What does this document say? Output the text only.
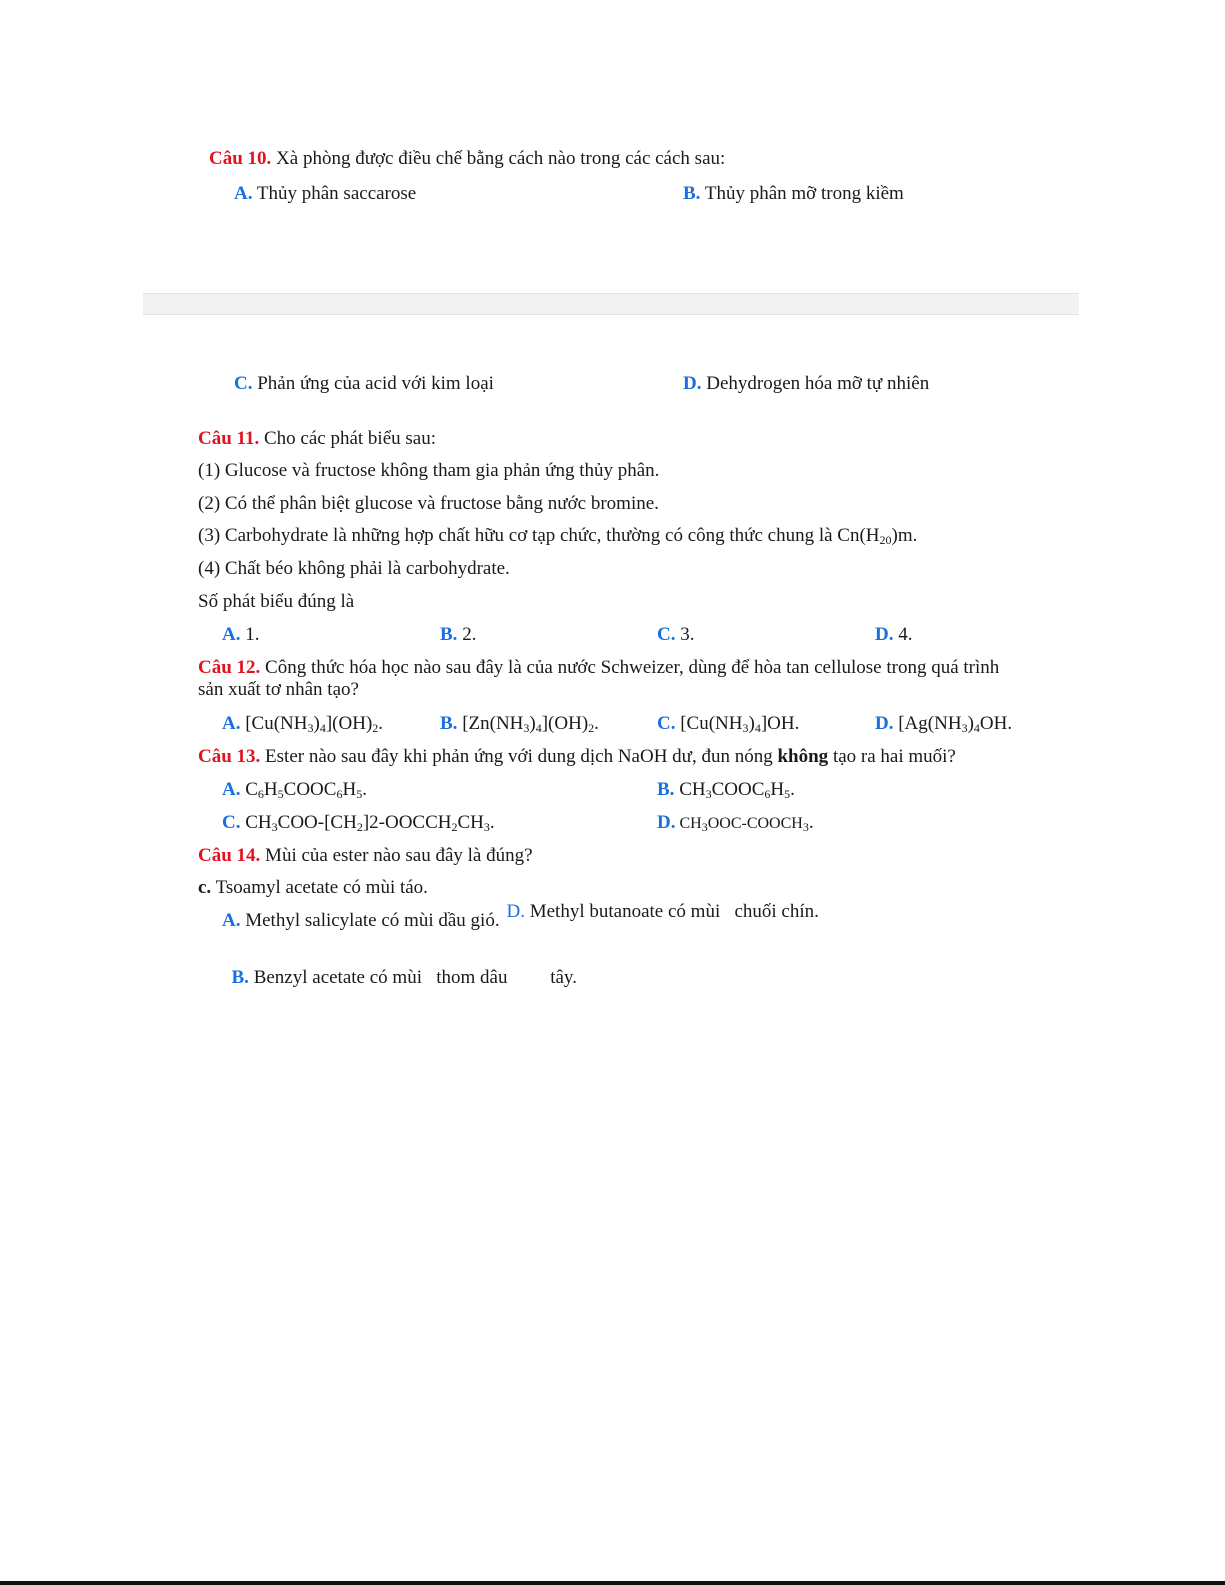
Câu 10. Xà phòng được điều chế bằng cách nào trong các cách sau:
A. Thủy phân saccarose	B. Thủy phân mỡ trong kiềm
C. Phản ứng của acid với kim loại	D. Dehydrogen hóa mỡ tự nhiên
Câu 11. Cho các phát biểu sau:
(1) Glucose và fructose không tham gia phản ứng thủy phân.
(2) Có thể phân biệt glucose và fructose bằng nước bromine.
(3) Carbohydrate là những hợp chất hữu cơ tạp chức, thường có công thức chung là $Cn(H_{20})m$.
(4) Chất béo không phải là carbohydrate.
Số phát biểu đúng là
A. 1.	B. 2.	C. 3.	D. 4.
Câu 12. Công thức hóa học nào sau đây là của nước Schweizer, dùng để hòa tan cellulose trong quá trình
sản xuất tơ nhân tạo?
A. $[Cu(NH_3)_4](OH)_2$.	B. $[Zn(NH_3)_4](OH)_2$.	C. $[Cu(NH_3)_4]OH$.	D. [$Ag(NH_3)_4OH$.
Câu 13. Ester nào sau đây khi phản ứng với dung dịch NaOH dư, đun nóng không tạo ra hai muối?
A. $C_6H_5COOC_6H_5$.	B. $CH_3COOC_6H_5$.
C. $CH_3COO-[CH_2]2-OOCCH_2CH_3$.	D. $CH_3OOC-COOCH_3$.
Câu 14. Mùi của ester nào sau đây là đúng?
c. Tsoamyl acetate có mùi táo.

D. Methyl butanoate có mùi   chuối chín.

A. Methyl salicylate có mùi dầu gió.

B. Benzyl acetate có mùi   thom dâu         tây.
